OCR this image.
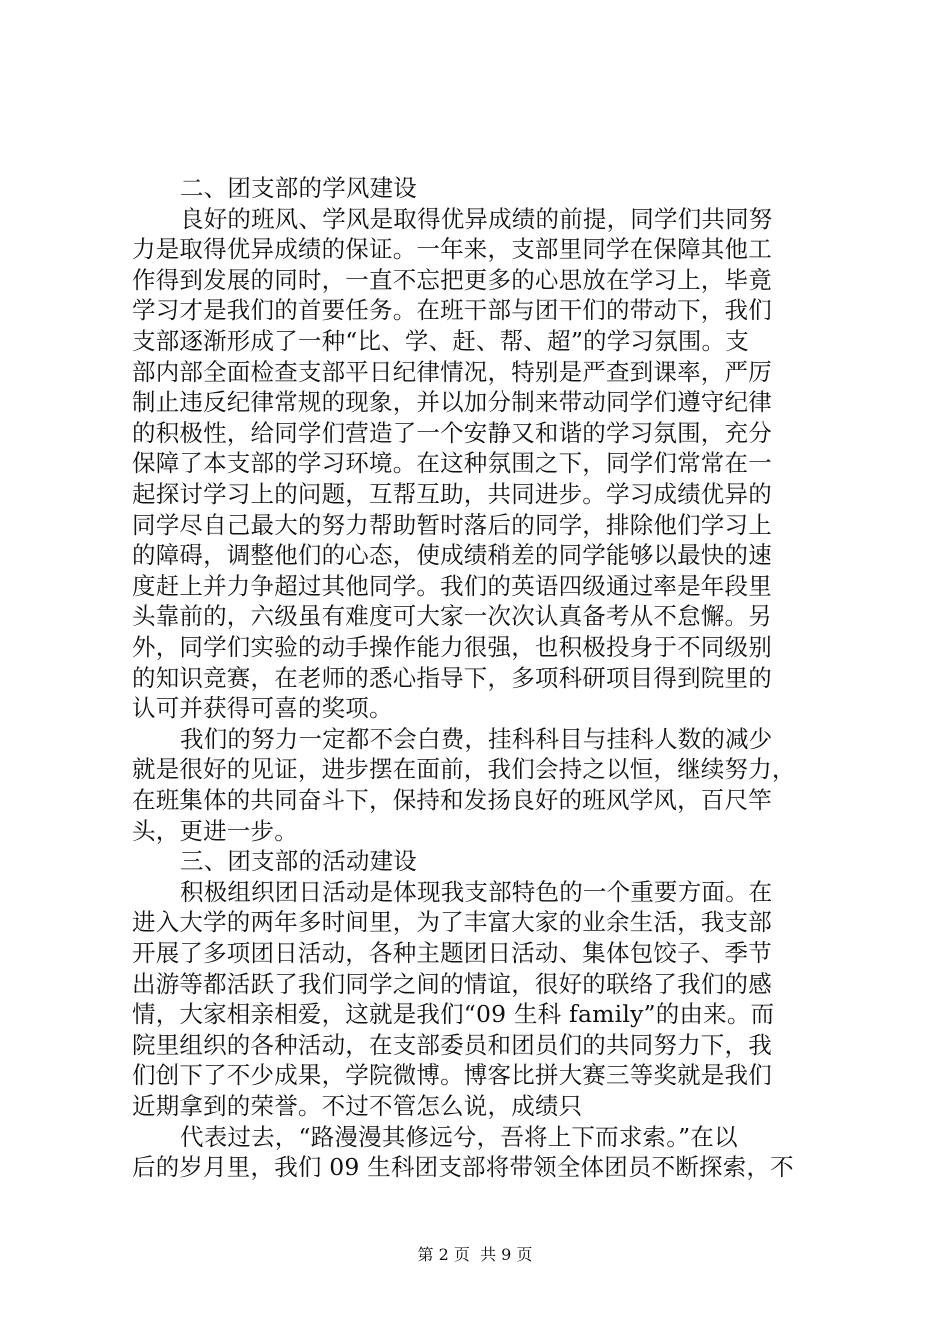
二、团支部的学风建设
良好的班风、学风是取得优异成绩的前提，同学们共同努
力是取得优异成绩的保证。一年来，支部里同学在保障其他工
作得到发展的同时，一直不忘把更多的心思放在学习上，毕竟
学习才是我们的首要任务。在班干部与团干们的带动下，我们
支部逐渐形成了一种“比、学、赶、帮、超”的学习氛围。支
部内部全面检查支部平日纪律情况，特别是严查到课率，严厉
制止违反纪律常规的现象，并以加分制来带动同学们遵守纪律
的积极性，给同学们营造了一个安静又和谐的学习氛围，充分
保障了本支部的学习环境。在这种氛围之下，同学们常常在一
起探讨学习上的问题，互帮互助，共同进步。学习成绩优异的
同学尽自己最大的努力帮助暂时落后的同学，排除他们学习上
的障碍，调整他们的心态，使成绩稍差的同学能够以最快的速
度赶上并力争超过其他同学。我们的英语四级通过率是年段里
头靠前的，六级虽有难度可大家一次次认真备考从不怠懈。另
外，同学们实验的动手操作能力很强，也积极投身于不同级别
的知识竞赛，在老师的悉心指导下，多项科研项目得到院里的
认可并获得可喜的奖项。
我们的努力一定都不会白费，挂科科目与挂科人数的减少
就是很好的见证，进步摆在面前，我们会持之以恒，继续努力，
在班集体的共同奋斗下，保持和发扬良好的班风学风，百尺竿
头，更进一步。
三、团支部的活动建设
积极组织团日活动是体现我支部特色的一个重要方面。在
进入大学的两年多时间里，为了丰富大家的业余生活，我支部
开展了多项团日活动，各种主题团日活动、集体包饺子、季节
出游等都活跃了我们同学之间的情谊，很好的联络了我们的感
情，大家相亲相爱，这就是我们“09 生科 family”的由来。而
院里组织的各种活动，在支部委员和团员们的共同努力下，我
们创下了不少成果，学院微博。博客比拼大赛三等奖就是我们
近期拿到的荣誉。不过不管怎么说，成绩只
代表过去，“路漫漫其修远兮，吾将上下而求索。”在以
后的岁月里，我们 09 生科团支部将带领全体团员不断探索，不
第 2 页  共 9 页
